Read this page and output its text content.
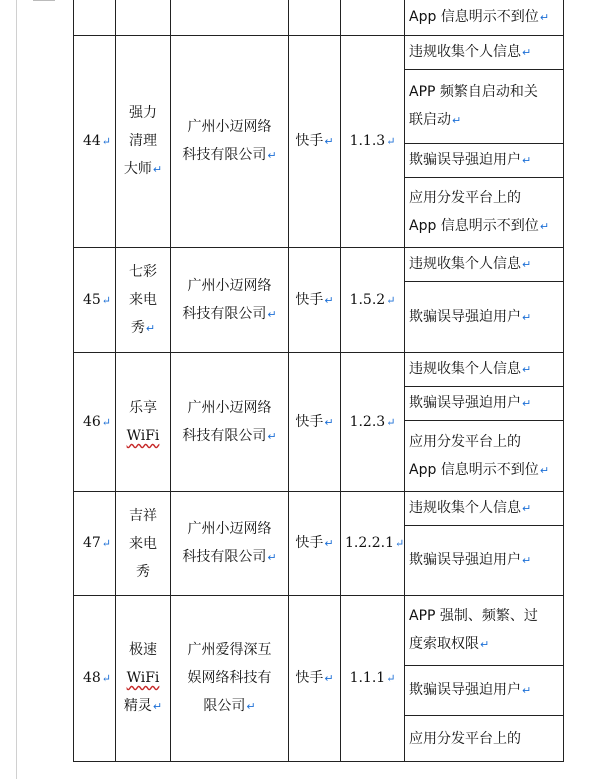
					App 信息明示不到位↵
44↵	强力
清理
大师↵	广州小迈网络
科技有限公司↵	快手↵	1.1.3↵	违规收集个人信息↵
					APP 频繁自启动和关
联启动↵
					欺骗误导强迫用户↵
					应用分发平台上的
App 信息明示不到位↵
45↵	七彩
来电
秀↵	广州小迈网络
科技有限公司↵	快手↵	1.5.2↵	违规收集个人信息↵
					欺骗误导强迫用户↵
46↵	乐享
WiFi	广州小迈网络
科技有限公司↵	快手↵	1.2.3↵	违规收集个人信息↵
					欺骗误导强迫用户↵
					应用分发平台上的
App 信息明示不到位↵
47↵	吉祥
来电
秀	广州小迈网络
科技有限公司↵	快手↵	1.2.2.1↵	违规收集个人信息↵
					欺骗误导强迫用户↵
48↵	极速
WiFi
精灵↵	广州爱得深互
娱网络科技有
限公司↵	快手↵	1.1.1↵	APP 强制、频繁、过
度索取权限↵
					欺骗误导强迫用户↵
					应用分发平台上的
